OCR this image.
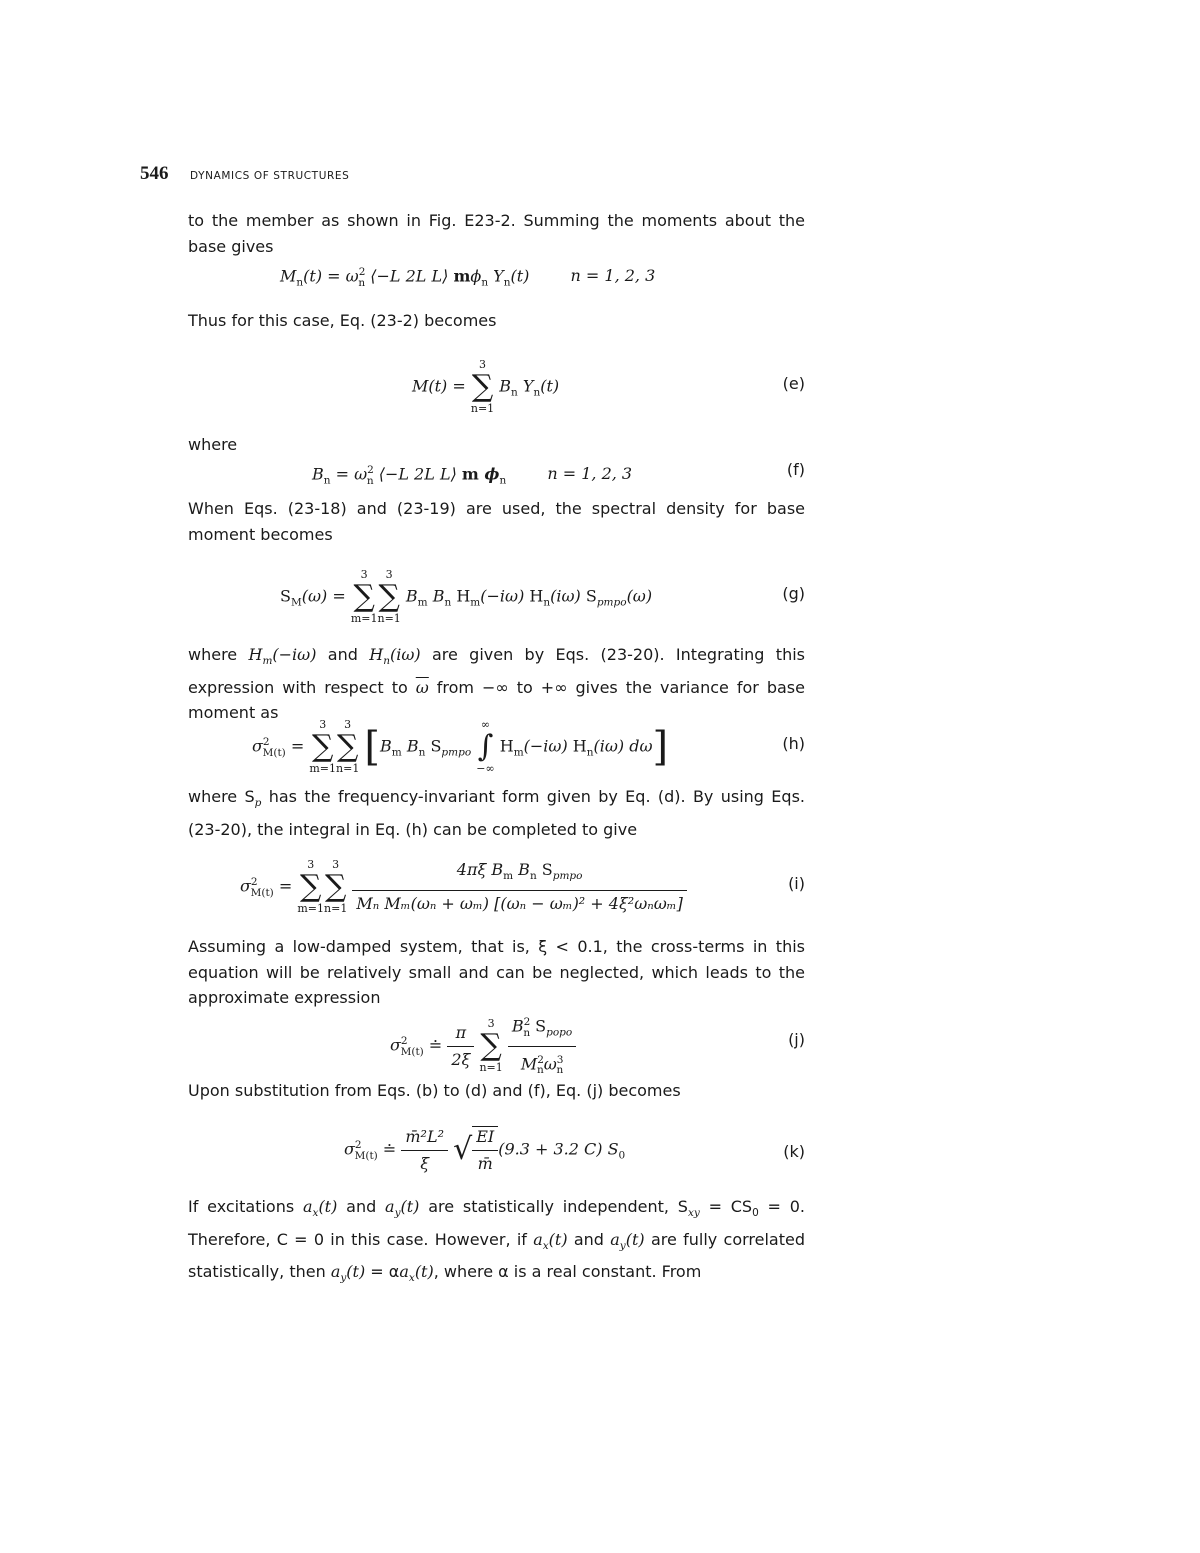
546 DYNAMICS OF STRUCTURES
to the member as shown in Fig. E23-2. Summing the moments about the base gives
$M_n(t) = \omega^2_n$ ⟨−L 2L L⟩ $m\phi_n$ $Y_n(t)$	n = 1, 2, 3
Thus for this case, Eq. (23-2) becomes
M(t) =
3
∑
n=1
$B_n$ $Y_n(t)$	(e)
where
$B_n = \omega^2_n$ ⟨−L 2L L⟩ m $\phi_n$	n = 1, 2, 3	(f)
When Eqs. (23-18) and (23-19) are used, the spectral density for base moment becomes
$S_M(\omega)$ =
3
∑
m=1
3
∑
n=1
$B_m$ $B_n$ $H_m(-i\omega)$ $H_n(i\omega)$ $S_{pmpo}(\omega)$	(g)
where $H_m(-i\omega)$ and $H_n(i\omega)$ are given by Eqs. (23-20). Integrating this expression with respect to $\overline{\omega}$ from −∞ to +∞ gives the variance for base moment as
$\sigma^2_{M(t)}$ =
3
∑
m=1
3
∑
n=1 [$B_m$ $B_n$ $S_{pmpo}$
∞
∫
−∞
$H_m(-i\omega)$ $H_n(i\omega)$ dω]	(h)
where $S_p$ has the frequency-invariant form given by Eq. (d). By using Eqs. (23-20), the integral in Eq. (h) can be completed to give
$\sigma^2_{M(t)}$ =
3
∑
m=1
3
∑
n=1
$\frac{4\pi\xi B_m B_n S_{pmpo}}{\text{Mₙ Mₘ(ωₙ + ωₘ) [(ωₙ − ωₘ)² + 4ξ²ωₙωₘ]}}$	(i)
Assuming a low-damped system, that is, ξ < 0.1, the cross-terms in this equation will be relatively small and can be neglected, which leads to the approximate expression
$\sigma^2_{M(t)}$ ≐ $\frac{\pi}{2\xi}$
	3
∑
n=1
$\frac{B^2_n S_{popo}}{M^2_n\omega^3_n}$	(j)
Upon substitution from Eqs. (b) to (d) and (f), Eq. (j) becomes
$\sigma^2_{M(t)}$ ≐ $\frac{\text{m̄²L²}}{\xi}$ √ $\frac{EI}{m̄} (9.3 + 3.2$ C) $S_0$	(k)
If excitations $a_x(t)$ and $a_y(t)$ are statistically independent, $S_{xy} = CS_0 = 0$. Therefore, C = 0 in this case. However, if $a_x(t)$ and $a_y(t)$ are fully correlated statistically, then $a_y(t) = \alpha a_x(t)$, where α is a real constant. From
